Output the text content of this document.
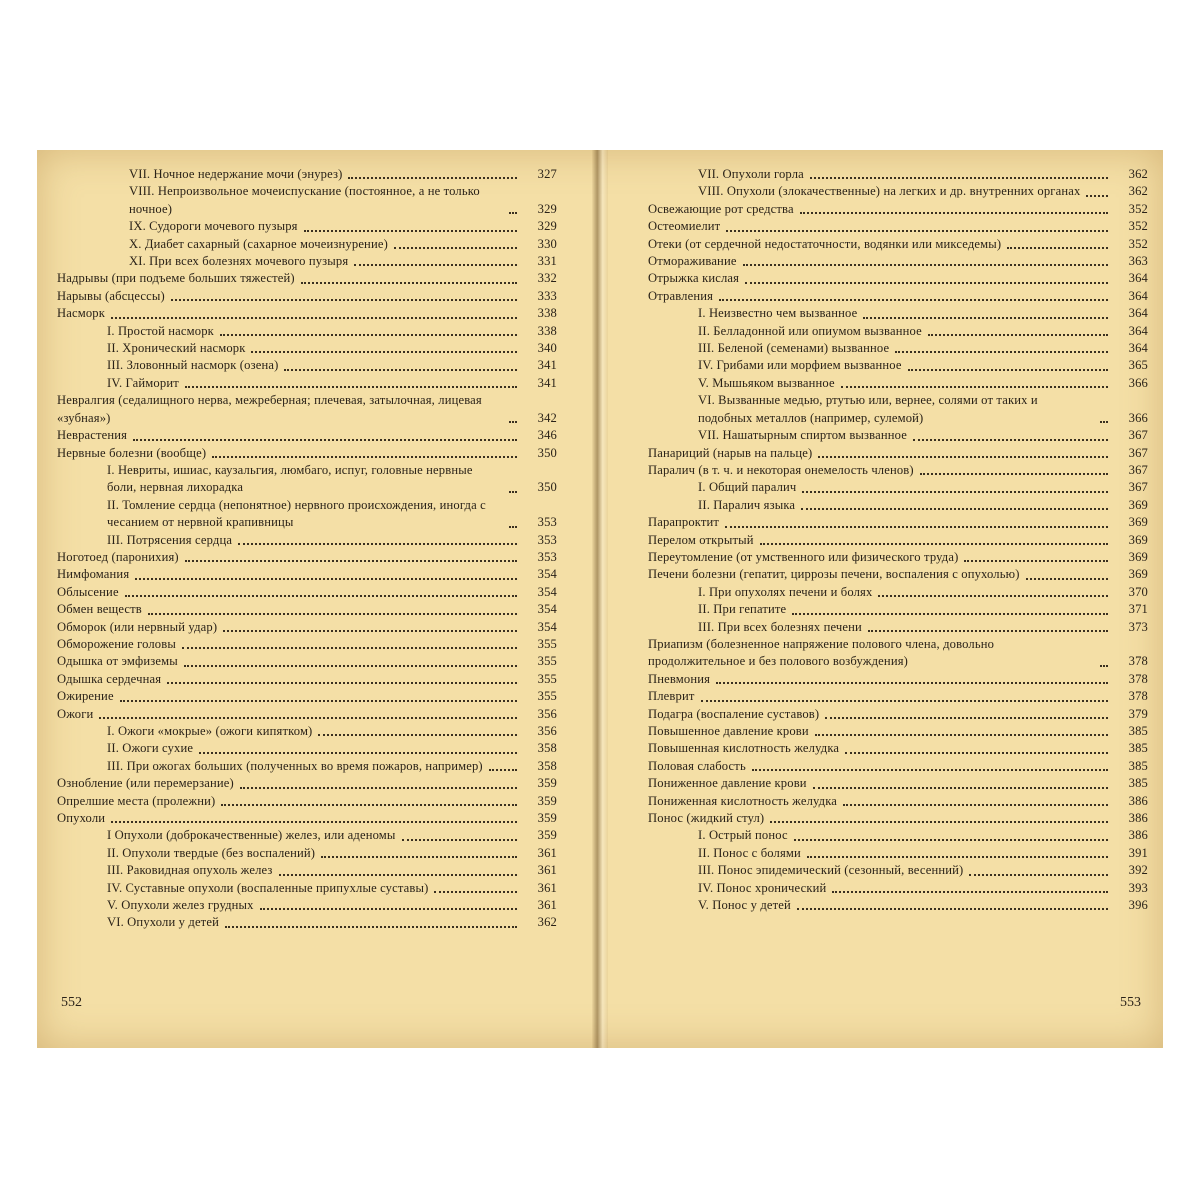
VII. Ночное недержание мочи (энурез)	327
VIII. Непроизвольное мочеиспускание (постоянное, а не только ночное)	329
IX. Судороги мочевого пузыря	329
X. Диабет сахарный (сахарное мочеизнурение)	330
XI. При всех болезнях мочевого пузыря	331
Надрывы (при подъеме больших тяжестей)	332
Нарывы (абсцессы)	333
Насморк	338
I. Простой насморк	338
II. Хронический насморк	340
III. Зловонный насморк (озена)	341
IV. Гайморит	341
Невралгия (седалищного нерва, межреберная; плечевая, затылочная, лицевая «зубная»)	342
Неврастения	346
Нервные болезни (вообще)	350
I. Невриты, ишиас, каузальгия, люмбаго, испуг, головные нервные боли, нервная лихорадка	350
II. Томление сердца (непонятное) нервного происхождения, иногда с чесанием от нервной крапивницы	353
III. Потрясения сердца	353
Ноготоед (паронихия)	353
Нимфомания	354
Облысение	354
Обмен веществ	354
Обморок (или нервный удар)	354
Обморожение головы	355
Одышка от эмфиземы	355
Одышка сердечная	355
Ожирение	355
Ожоги	356
I. Ожоги «мокрые» (ожоги кипятком)	356
II. Ожоги сухие	358
III. При ожогах больших (полученных во время пожаров, например)	358
Ознобление (или перемерзание)	359
Опрелшие места (пролежни)	359
Опухоли	359
I Опухоли (доброкачественные) желез, или аденомы	359
II. Опухоли твердые (без воспалений)	361
III. Раковидная опухоль желез	361
IV. Суставные опухоли (воспаленные припухлые суставы)	361
V. Опухоли желез грудных	361
VI. Опухоли у детей	362
VII. Опухоли горла	362
VIII. Опухоли (злокачественные) на легких и др. внутренних органах	362
Освежающие рот средства	352
Остеомиелит	352
Отеки (от сердечной недостаточности, водянки или микседемы)	352
Отмораживание	363
Отрыжка кислая	364
Отравления	364
I. Неизвестно чем вызванное	364
II. Белладонной или опиумом вызванное	364
III. Беленой (семенами) вызванное	364
IV. Грибами или морфием вызванное	365
V. Мышьяком вызванное	366
VI. Вызванные медью, ртутью или, вернее, солями от таких и подобных металлов (например, сулемой)	366
VII. Нашатырным спиртом вызванное	367
Панариций (нарыв на пальце)	367
Паралич (в т. ч. и некоторая онемелость членов)	367
I. Общий паралич	367
II. Паралич языка	369
Парапроктит	369
Перелом открытый	369
Переутомление (от умственного или физического труда)	369
Печени болезни (гепатит, циррозы печени, воспаления с опухолью)	369
I. При опухолях печени и болях	370
II. При гепатите	371
III. При всех болезнях печени	373
Приапизм (болезненное напряжение полового члена, довольно продолжительное и без полового возбуждения)	378
Пневмония	378
Плеврит	378
Подагра (воспаление суставов)	379
Повышенное давление крови	385
Повышенная кислотность желудка	385
Половая слабость	385
Пониженное давление крови	385
Пониженная кислотность желудка	386
Понос (жидкий стул)	386
I. Острый понос	386
II. Понос с болями	391
III. Понос эпидемический (сезонный, весенний)	392
IV. Понос хронический	393
V. Понос у детей	396
552	553
